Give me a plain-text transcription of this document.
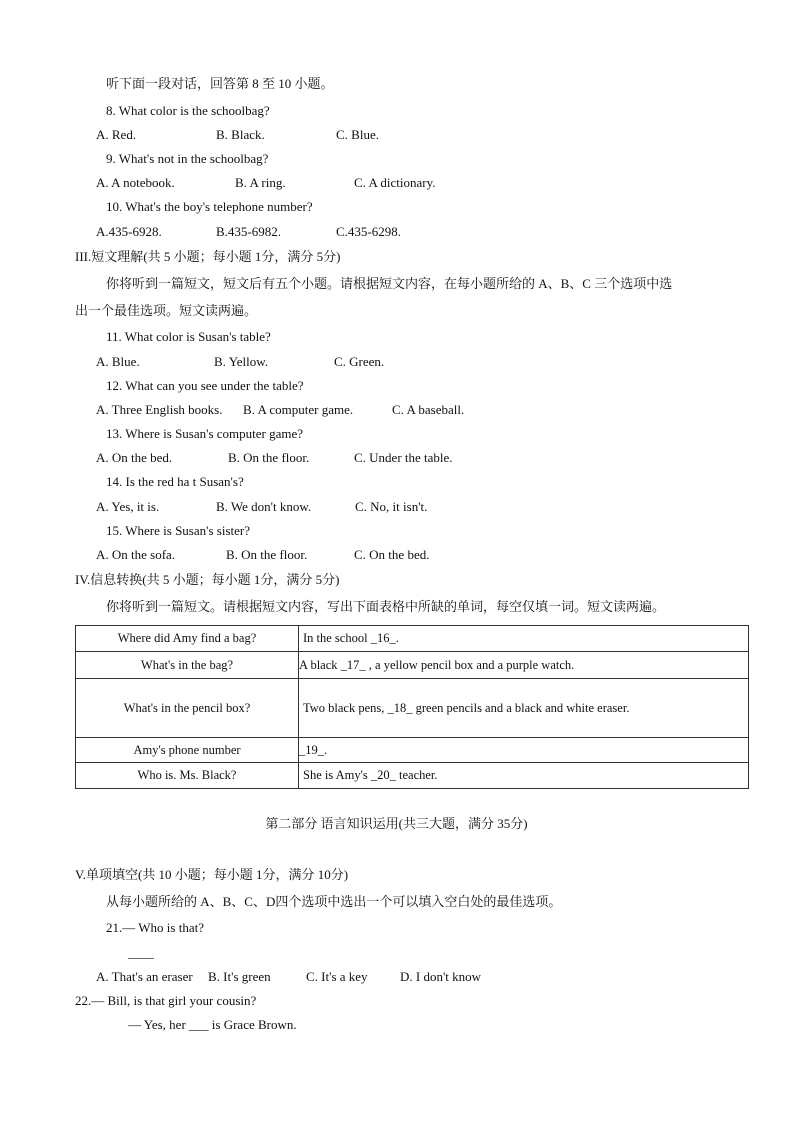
听下面一段对话，回答第 8 至 10 小题。
8. What color is the schoolbag?
A. Red.	B. Black.	C. Blue.
9. What's not in the schoolbag?
A. A notebook.	B. A ring.	C. A dictionary.
10. What's the boy's telephone number?
A.435-6928.	B.435-6982.	C.435-6298.
III.短文理解(共 5 小题；每小题 1分，满分 5分)
你将听到一篇短文，短文后有五个小题。请根据短文内容，在每小题所给的 A、B、C 三个选项中选
出一个最佳选项。短文读两遍。
11. What color is Susan's table?
A. Blue.	B. Yellow.	C. Green.
12. What can you see under the table?
A. Three English books. B. A computer game.	C. A baseball.
13. Where is Susan's computer game?
A. On the bed.	B. On the floor.	C. Under the table.
14. Is the red ha t Susan's?
A. Yes, it is.	B. We don't know.	C. No, it isn't.
15. Where is Susan's sister?
A. On the sofa.	B. On the floor.	C. On the bed.
IV.信息转换(共 5 小题；每小题 1分，满分 5分)
你将听到一篇短文。请根据短文内容，写出下面表格中所缺的单词，每空仅填一词。短文读两遍。
Where did Amy find a bag?	In the school _16_.
What's in the bag?	A black _17_ , a yellow pencil box and a purple watch.
What's in the pencil box?	Two black pens, _18_ green pencils and a black and white eraser.
Amy's phone number	_19_.
Who is. Ms. Black?	She is Amy's _20_ teacher.
第二部分 语言知识运用(共三大题，满分 35分)
V.单项填空(共 10 小题；每小题 1分，满分 10分)
从每小题所给的 A、B、C、D四个选项中选出一个可以填入空白处的最佳选项。
21.— Who is that?
____
A. That's an eraser B. It's green	C. It's a key D. I don't know
22.— Bill, is that girl your cousin?
— Yes, her ___ is Grace Brown.
